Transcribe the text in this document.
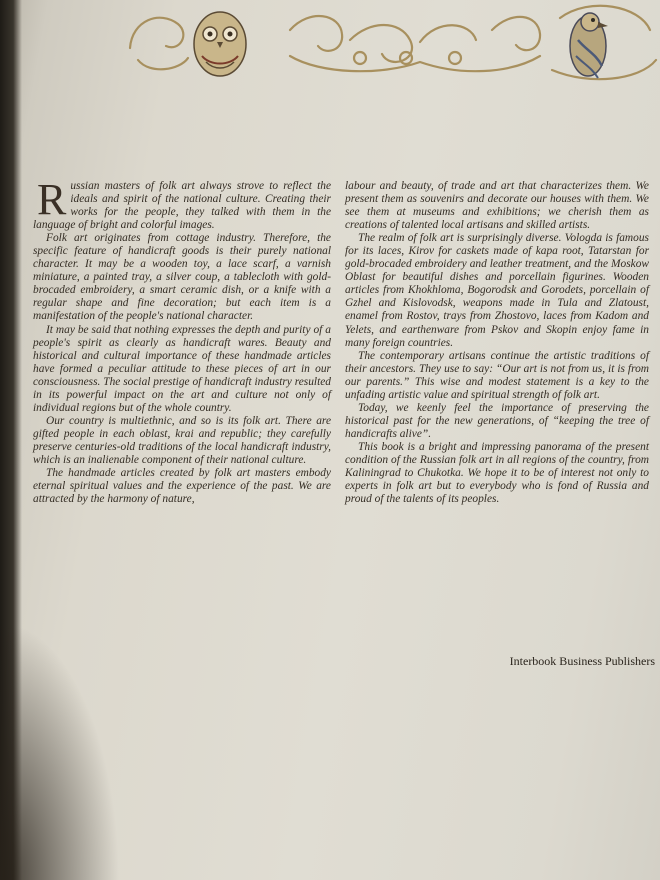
Russian masters of folk art always strove to reflect the ideals and spirit of the national culture. Creating their works for the people, they talked with them in the language of bright and colorful images.

Folk art originates from cottage industry. Therefore, the specific feature of handicraft goods is their purely national character. It may be a wooden toy, a lace scarf, a varnish miniature, a painted tray, a silver coup, a tablecloth with gold-brocaded embroidery, a smart ceramic dish, or a knife with a regular shape and fine decoration; but each item is a manifestation of the people's national character.

It may be said that nothing expresses the depth and purity of a people's spirit as clearly as handicraft wares. Beauty and historical and cultural importance of these handmade articles have formed a peculiar attitude to these pieces of art in our consciousness. The social prestige of handicraft industry resulted in its powerful impact on the art and culture not only of individual regions but of the whole country.

Our country is multiethnic, and so is its folk art. There are gifted people in each oblast, krai and republic; they carefully preserve centuries-old traditions of the local handicraft industry, which is an inalienable component of their national culture.

The handmade articles created by folk art masters embody eternal spiritual values and the experience of the past. We are attracted by the harmony of nature,

labour and beauty, of trade and art that characterizes them. We present them as souvenirs and decorate our houses with them. We see them at museums and exhibitions; we cherish them as creations of talented local artisans and skilled artists.

The realm of folk art is surprisingly diverse. Vologda is famous for its laces, Kirov for caskets made of kapa root, Tatarstan for gold-brocaded embroidery and leather treatment, and the Moskow Oblast for beautiful dishes and porcellain figurines. Wooden articles from Khokhloma, Bogorodsk and Gorodets, porcellain of Gzhel and Kislovodsk, weapons made in Tula and Zlatoust, enamel from Rostov, trays from Zhostovo, laces from Kadom and Yelets, and earthenware from Pskov and Skopin enjoy fame in many foreign countries.

The contemporary artisans continue the artistic traditions of their ancestors. They use to say: “Our art is not from us, it is from our parents.” This wise and modest statement is a key to the unfading artistic value and spiritual strength of folk art.

Today, we keenly feel the importance of preserving the historical past for the new generations, of “keeping the tree of handicrafts alive”.

This book is a bright and impressing panorama of the present condition of the Russian folk art in all regions of the country, from Kaliningrad to Chukotka. We hope it to be of interest not only to experts in folk art but to everybody who is fond of Russia and proud of the talents of its peoples.

Interbook Business Publishers
